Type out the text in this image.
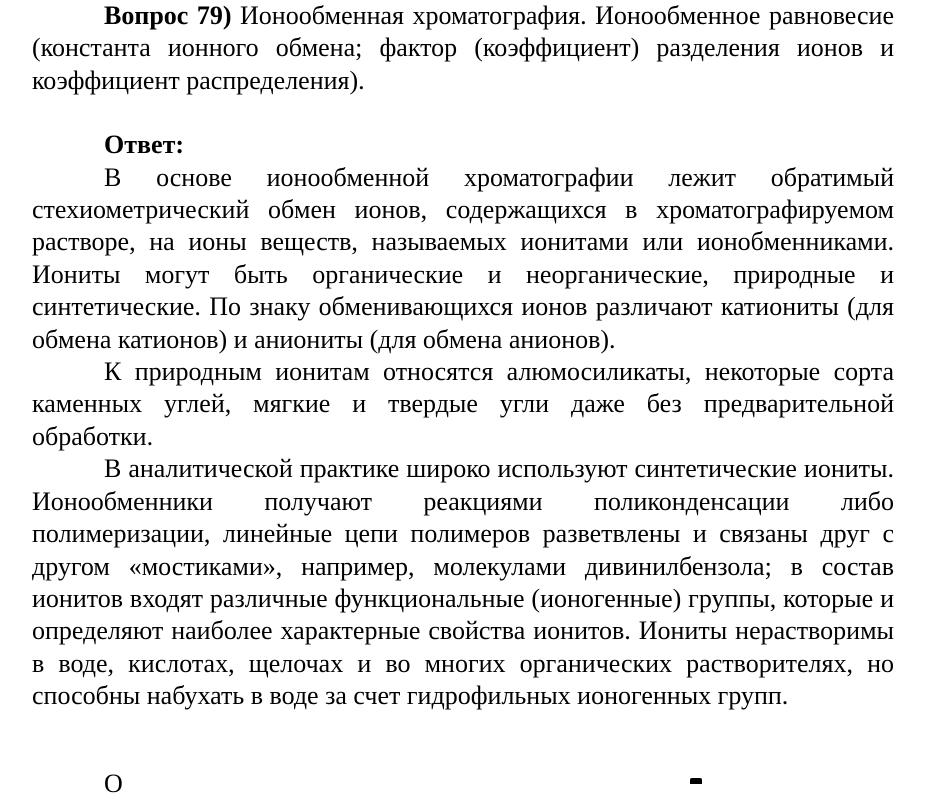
Вопрос 79) Ионообменная хроматография. Ионообменное равновесие (константа ионного обмена; фактор (коэффициент) разделения ионов и коэффициент распределения).

Ответ:

В основе ионообменной хроматографии лежит обратимый стехиометрический обмен ионов, содержащихся в хроматографируемом растворе, на ионы веществ, называемых ионитами или ионобменниками. Иониты могут быть органические и неорганические, природные и синтетические. По знаку обменивающихся ионов различают катиониты (для обмена катионов) и аниониты (для обмена анионов).

К природным ионитам относятся алюмосиликаты, некоторые сорта каменных углей, мягкие и твердые угли даже без предварительной обработки.

В аналитической практике широко используют синтетические иониты. Ионообменники получают реакциями поликонденсации либо полимеризации, линейные цепи полимеров разветвлены и связаны друг с другом «мостиками», например, молекулами дивинилбензола; в состав ионитов входят различные функциональные (ионогенные) группы, которые и определяют наиболее характерные свойства ионитов. Иониты нерастворимы в воде, кислотах, щелочах и во многих органических растворителях, но способны набухать в воде за счет гидрофильных ионогенных групп.

О
